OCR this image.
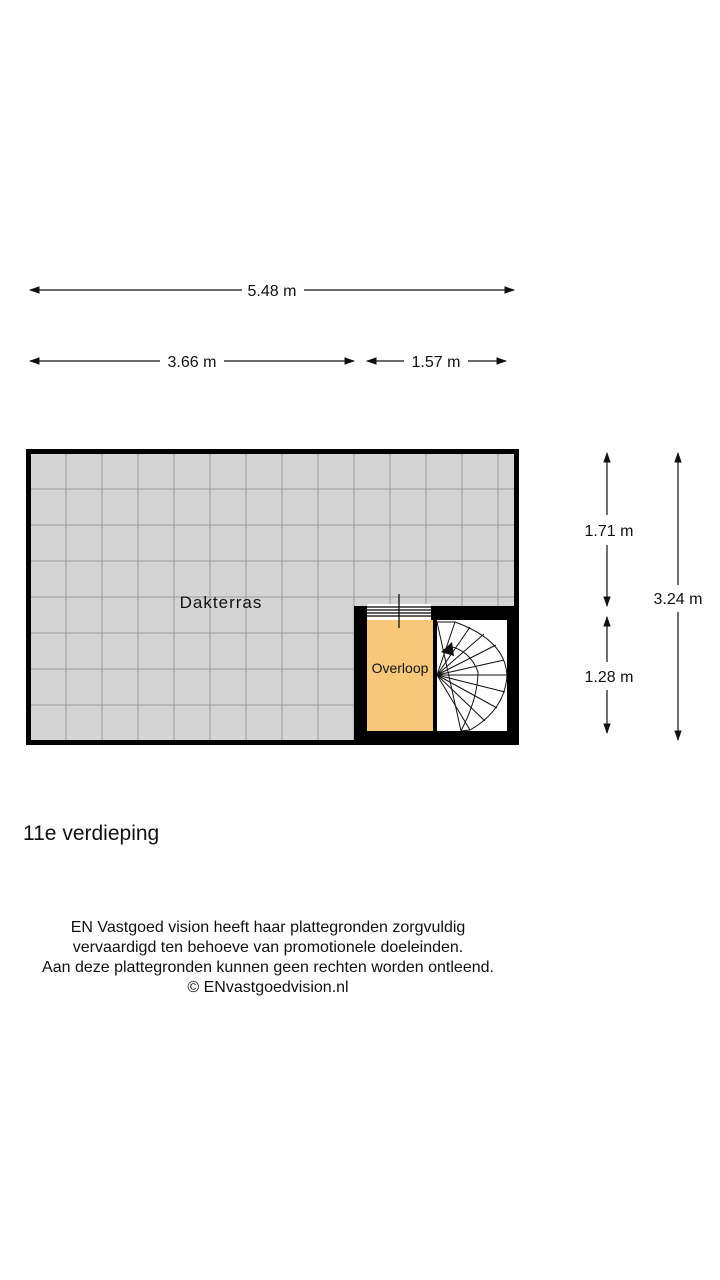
5.48 m
3.66 m	1.57 m
1.71 m
1.28 m
3.24 m
Dakterras
Overloop
11e verdieping
EN Vastgoed vision heeft haar plattegronden zorgvuldig
vervaardigd ten behoeve van promotionele doeleinden.
Aan deze plattegronden kunnen geen rechten worden ontleend.
© ENvastgoedvision.nl
